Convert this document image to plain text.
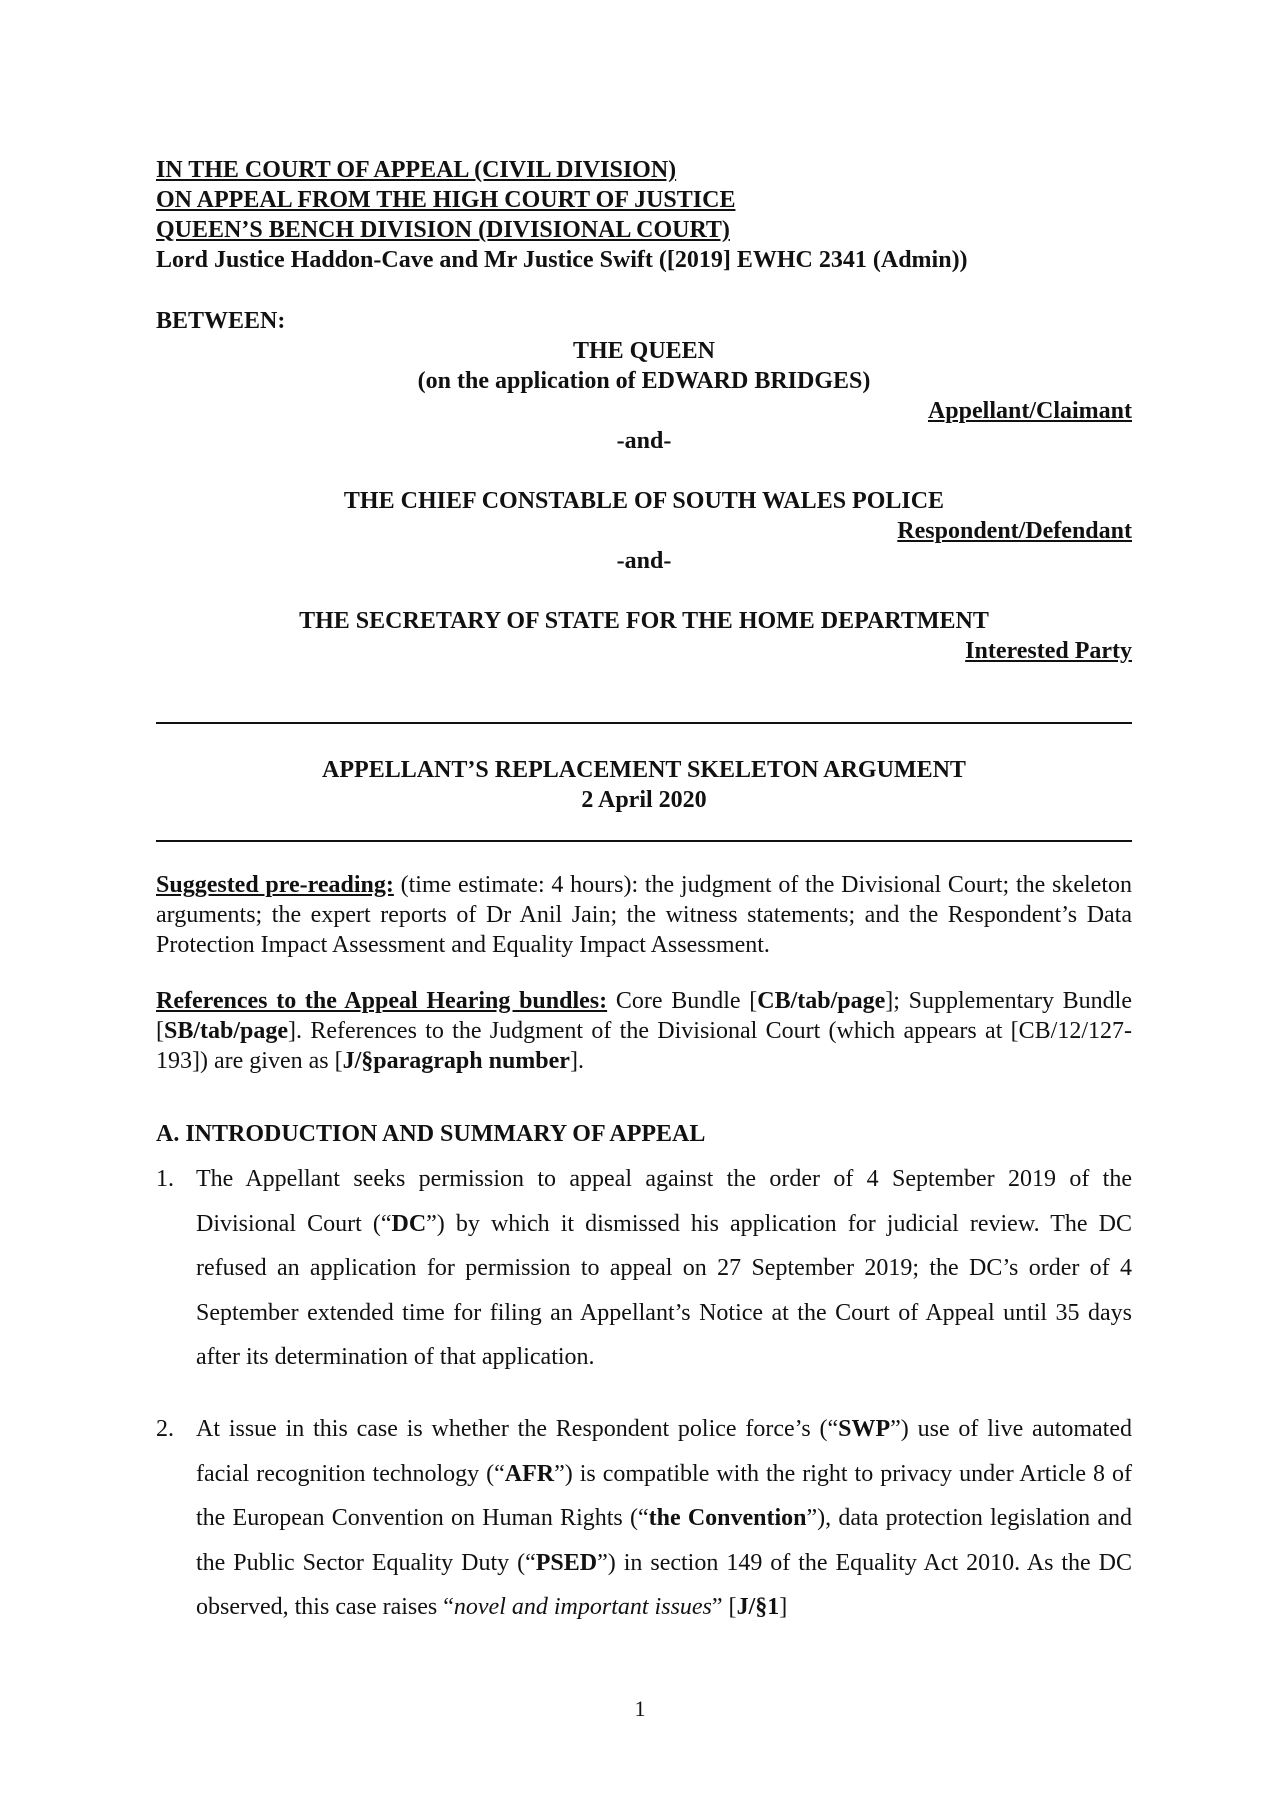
IN THE COURT OF APPEAL (CIVIL DIVISION)
ON APPEAL FROM THE HIGH COURT OF JUSTICE
QUEEN’S BENCH DIVISION (DIVISIONAL COURT)
Lord Justice Haddon-Cave and Mr Justice Swift ([2019] EWHC 2341 (Admin))
BETWEEN:
THE QUEEN
(on the application of EDWARD BRIDGES)
Appellant/Claimant
-and-
THE CHIEF CONSTABLE OF SOUTH WALES POLICE
Respondent/Defendant
-and-
THE SECRETARY OF STATE FOR THE HOME DEPARTMENT
Interested Party
APPELLANT’S REPLACEMENT SKELETON ARGUMENT
2 April 2020
Suggested pre-reading: (time estimate: 4 hours): the judgment of the Divisional Court; the skeleton arguments; the expert reports of Dr Anil Jain; the witness statements; and the Respondent’s Data Protection Impact Assessment and Equality Impact Assessment.
References to the Appeal Hearing bundles: Core Bundle [CB/tab/page]; Supplementary Bundle [SB/tab/page]. References to the Judgment of the Divisional Court (which appears at [CB/12/127-193]) are given as [J/§paragraph number].
A. INTRODUCTION AND SUMMARY OF APPEAL
1. The Appellant seeks permission to appeal against the order of 4 September 2019 of the Divisional Court (“DC”) by which it dismissed his application for judicial review. The DC refused an application for permission to appeal on 27 September 2019; the DC’s order of 4 September extended time for filing an Appellant’s Notice at the Court of Appeal until 35 days after its determination of that application.
2. At issue in this case is whether the Respondent police force’s (“SWP”) use of live automated facial recognition technology (“AFR”) is compatible with the right to privacy under Article 8 of the European Convention on Human Rights (“the Convention”), data protection legislation and the Public Sector Equality Duty (“PSED”) in section 149 of the Equality Act 2010. As the DC observed, this case raises “novel and important issues” [J/§1]
1
